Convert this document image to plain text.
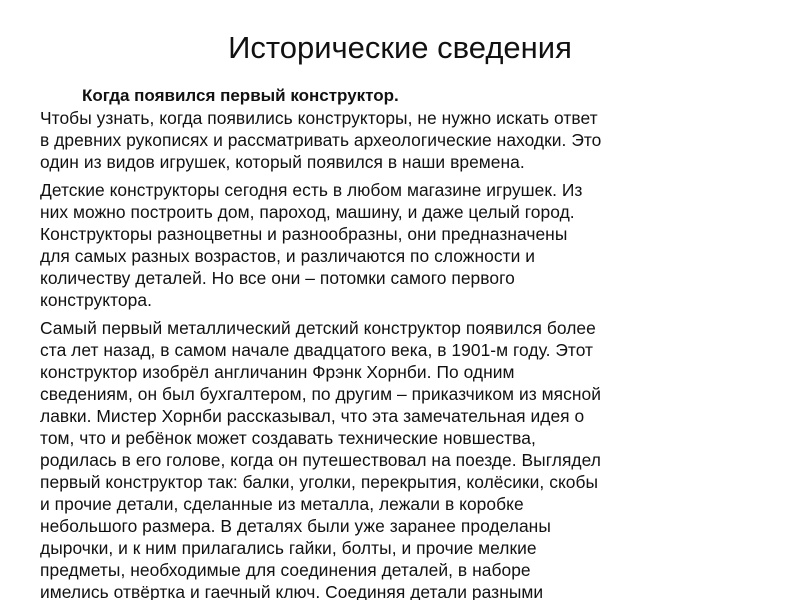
Исторические сведения

Когда появился первый конструктор.

Чтобы узнать, когда появились конструкторы, не нужно искать ответ
в древних рукописях и рассматривать археологические находки. Это
один из видов игрушек, который появился в наши времена.

Детские конструкторы сегодня есть в любом магазине игрушек. Из
них можно построить дом, пароход, машину, и даже целый город.
Конструкторы разноцветны и разнообразны, они предназначены
для самых разных возрастов, и различаются по сложности и
количеству деталей. Но все они – потомки самого первого
конструктора.

Самый первый металлический детский конструктор появился более
ста лет назад, в самом начале двадцатого века, в 1901-м году. Этот
конструктор изобрёл англичанин Фрэнк Хорнби. По одним
сведениям, он был бухгалтером, по другим – приказчиком из мясной
лавки. Мистер Хорнби рассказывал, что эта замечательная идея о
том, что и ребёнок может создавать технические новшества,
родилась в его голове, когда он путешествовал на поезде. Выглядел
первый конструктор так: балки, уголки, перекрытия, колёсики, скобы
и прочие детали, сделанные из металла, лежали в коробке
небольшого размера. В деталях были уже заранее проделаны
дырочки, и к ним прилагались гайки, болты, и прочие мелкие
предметы, необходимые для соединения деталей, в наборе
имелись отвёртка и гаечный ключ. Соединяя детали разными
